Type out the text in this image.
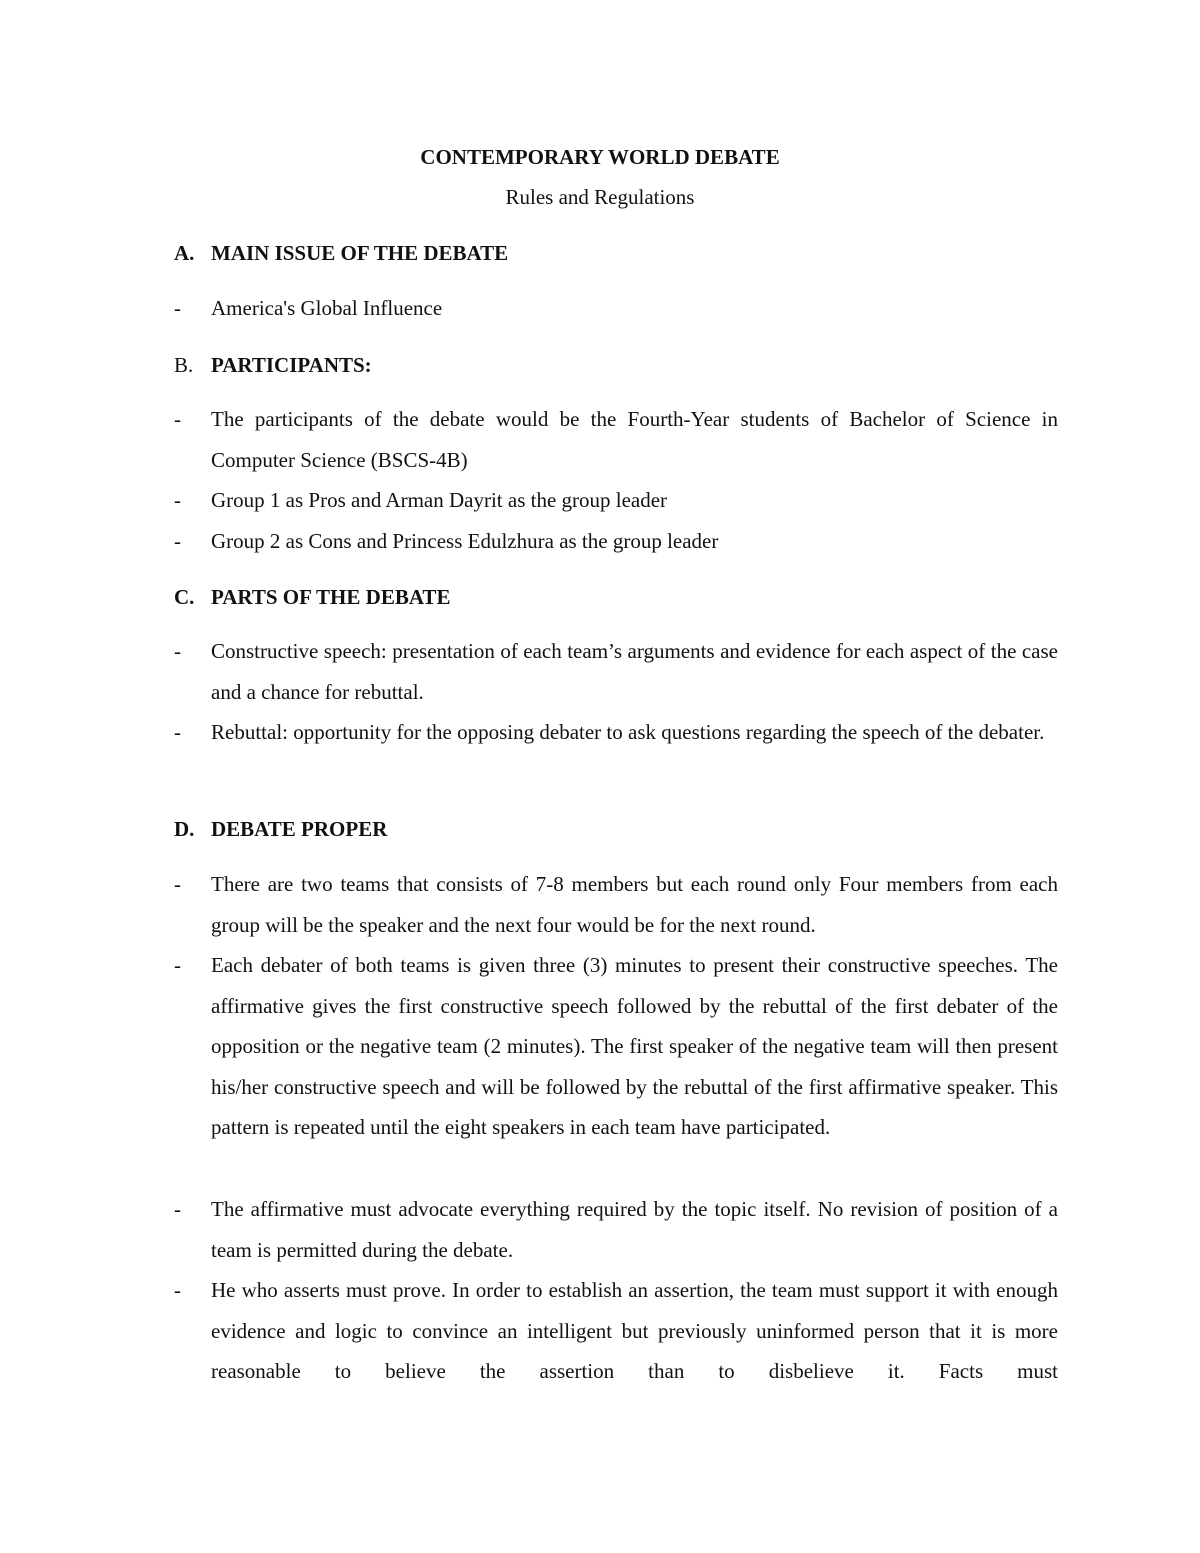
CONTEMPORARY WORLD DEBATE
Rules and Regulations
A. MAIN ISSUE OF THE DEBATE
- America's Global Influence
B. PARTICIPANTS:
- The participants of the debate would be the Fourth-Year students of Bachelor of Science in Computer Science (BSCS-4B)
- Group 1 as Pros and Arman Dayrit as the group leader
- Group 2 as Cons and Princess Edulzhura as the group leader
C. PARTS OF THE DEBATE
- Constructive speech: presentation of each team’s arguments and evidence for each aspect of the case and a chance for rebuttal.
- Rebuttal: opportunity for the opposing debater to ask questions regarding the speech of the debater.
D. DEBATE PROPER
- There are two teams that consists of 7-8 members but each round only Four members from each group will be the speaker and the next four would be for the next round.
- Each debater of both teams is given three (3) minutes to present their constructive speeches. The affirmative gives the first constructive speech followed by the rebuttal of the first debater of the opposition or the negative team (2 minutes). The first speaker of the negative team will then present his/her constructive speech and will be followed by the rebuttal of the first affirmative speaker. This pattern is repeated until the eight speakers in each team have participated.
- The affirmative must advocate everything required by the topic itself. No revision of position of a team is permitted during the debate.
- He who asserts must prove. In order to establish an assertion, the team must support it with enough evidence and logic to convince an intelligent but previously uninformed person that it is more reasonable to believe the assertion than to disbelieve it. Facts must
